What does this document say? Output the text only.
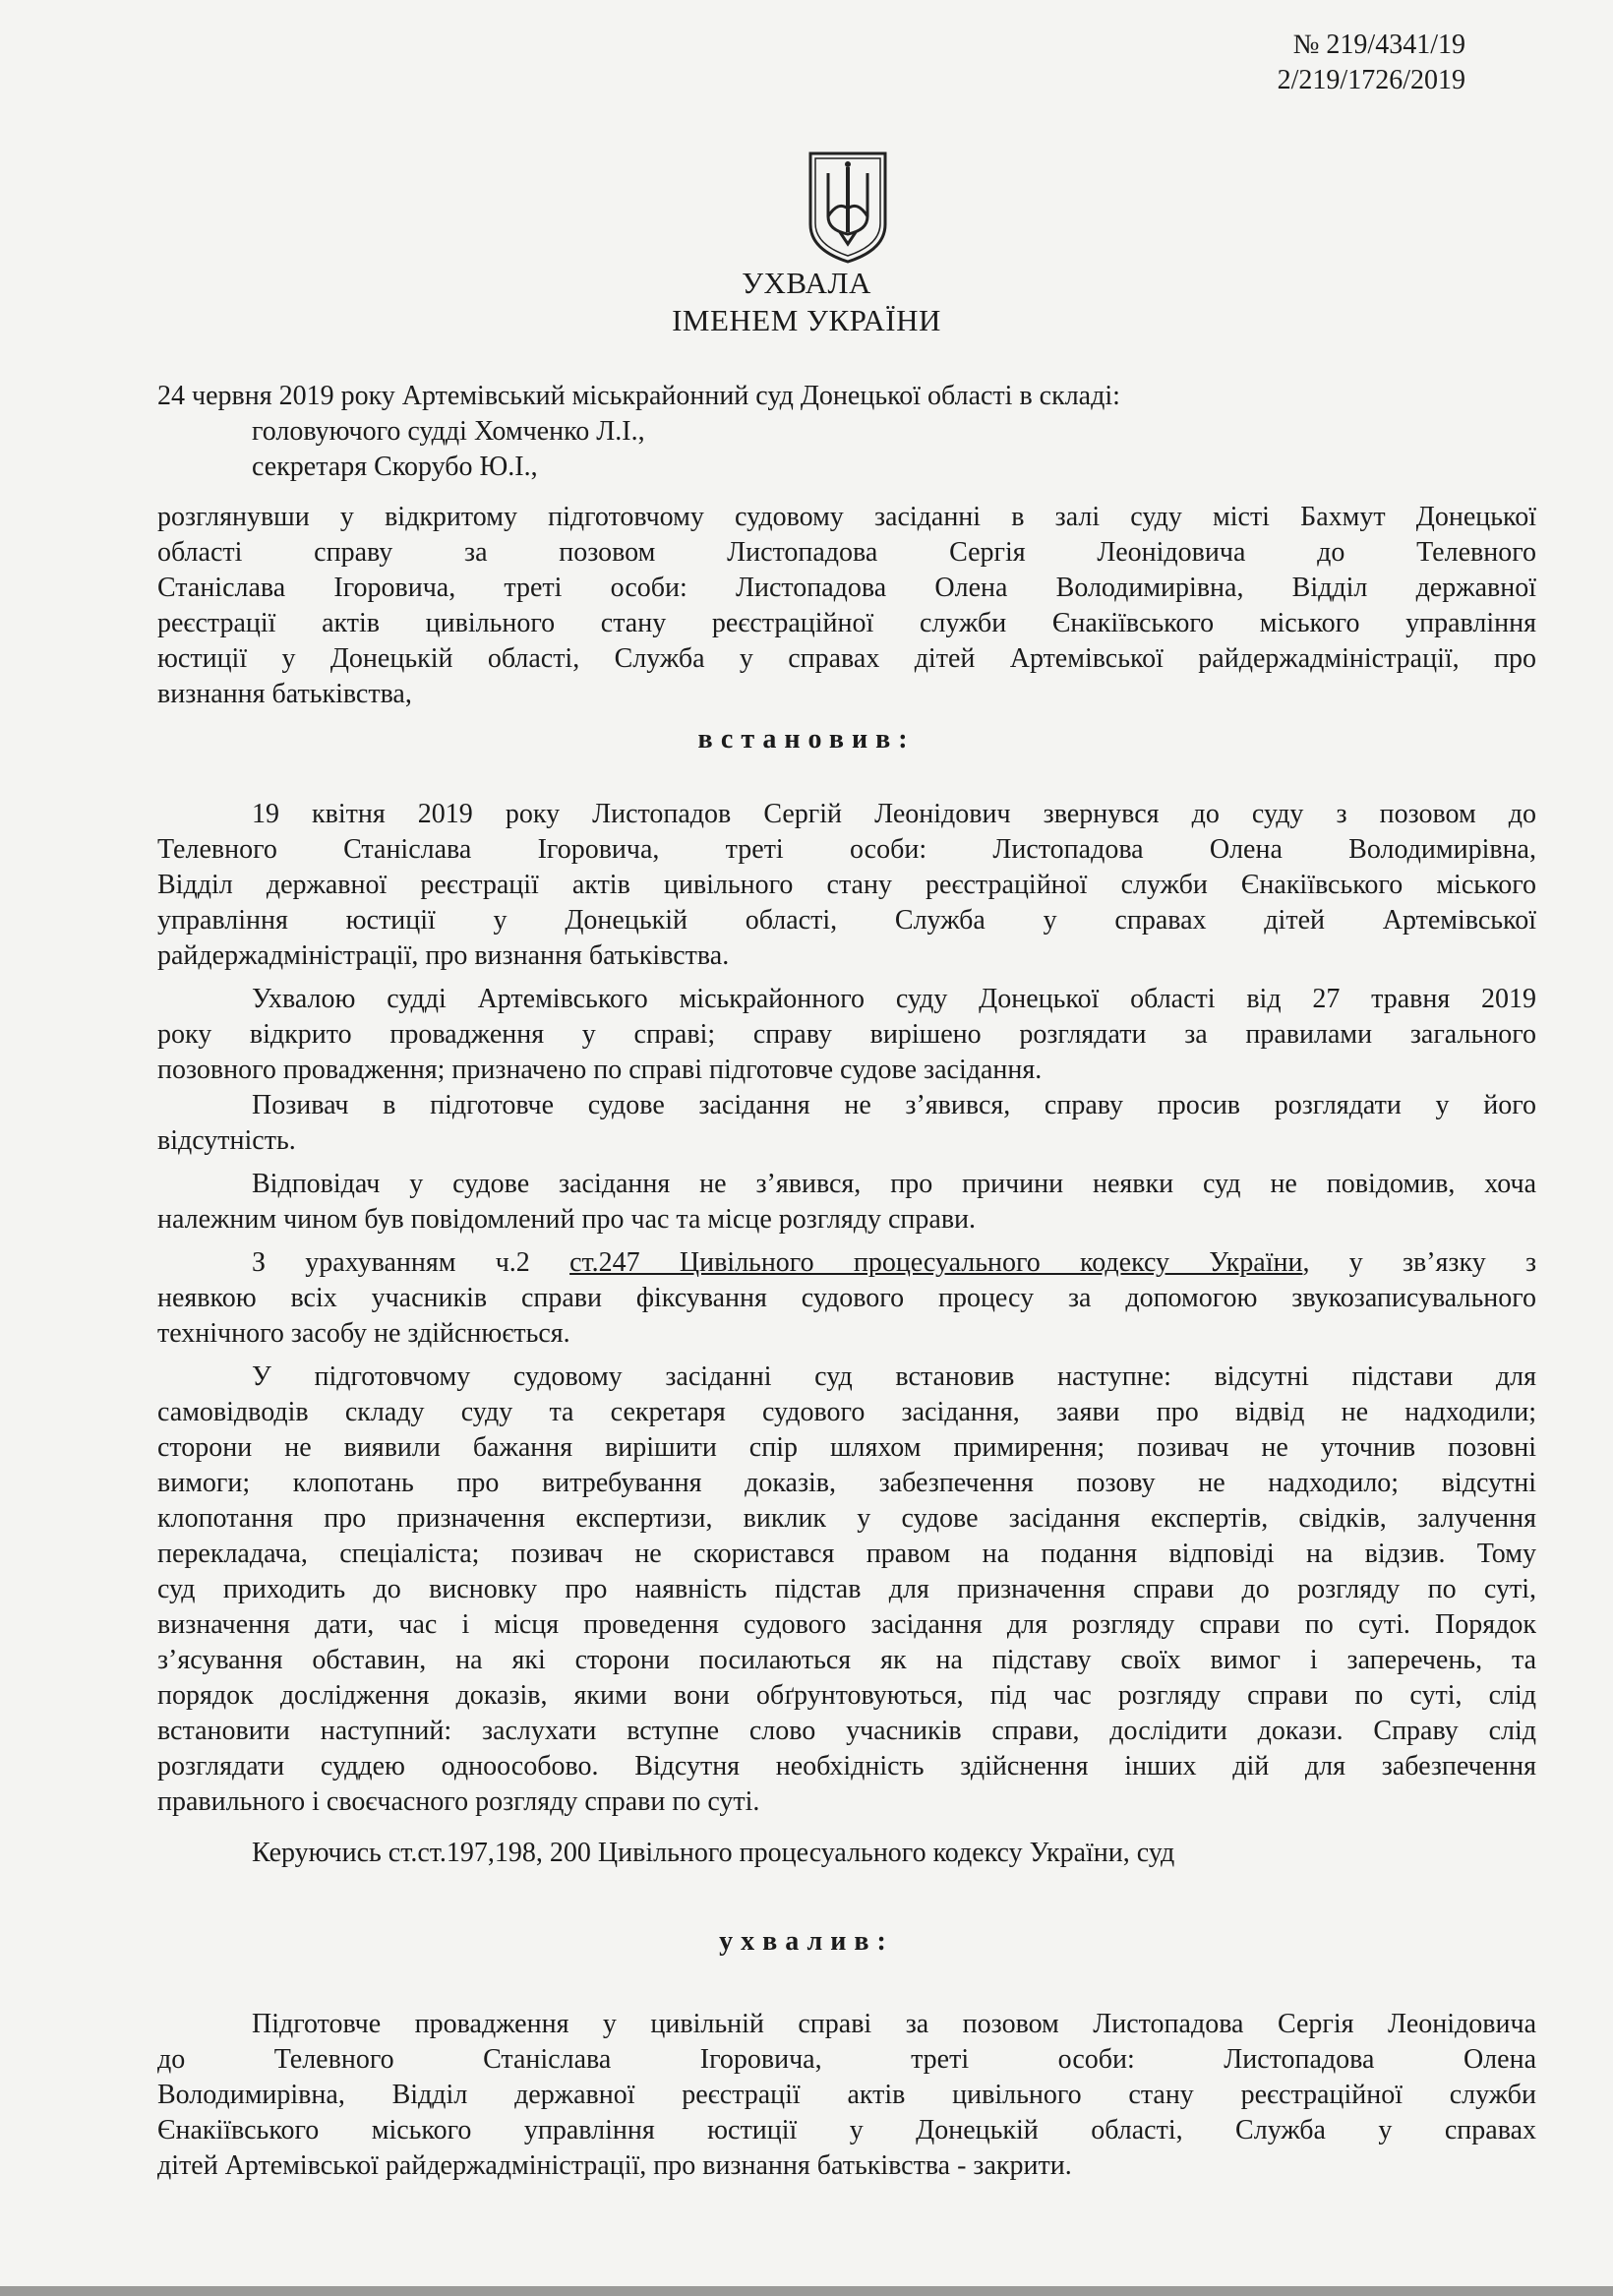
№ 219/4341/19
2/219/1726/2019
УХВАЛА
ІМЕНЕМ УКРАЇНИ
24 червня 2019 року Артемівський міськрайонний суд Донецької області в складі:
головуючого судді Хомченко Л.І.,
секретаря Скорубо Ю.І.,
розглянувши у відкритому підготовчому судовому засіданні в залі суду місті Бахмут Донецької
області справу за позовом Листопадова Сергія Леонідовича до Телевного
Станіслава Ігоровича, треті особи: Листопадова Олена Володимирівна, Відділ державної
реєстрації актів цивільного стану реєстраційної служби Єнакіївського міського управління
юстиції у Донецькій області, Служба у справах дітей Артемівської райдержадміністрації, про
визнання батьківства,
встановив:
19 квітня 2019 року Листопадов Сергій Леонідович звернувся до суду з позовом до
Телевного Станіслава Ігоровича, треті особи: Листопадова Олена Володимирівна,
Відділ державної реєстрації актів цивільного стану реєстраційної служби Єнакіївського міського
управління юстиції у Донецькій області, Служба у справах дітей Артемівської
райдержадміністрації, про визнання батьківства.
Ухвалою судді Артемівського міськрайонного суду Донецької області від 27 травня 2019
року відкрито провадження у справі; справу вирішено розглядати за правилами загального
позовного провадження; призначено по справі підготовче судове засідання.
Позивач в підготовче судове засідання не з’явився, справу просив розглядати у його
відсутність.
Відповідач у судове засідання не з’явився, про причини неявки суд не повідомив, хоча
належним чином був повідомлений про час та місце розгляду справи.
З урахуванням ч.2 ст.247 Цивільного процесуального кодексу України, у зв’язку з
неявкою всіх учасників справи фіксування судового процесу за допомогою звукозаписувального
технічного засобу не здійснюється.
У підготовчому судовому засіданні суд встановив наступне: відсутні підстави для
самовідводів складу суду та секретаря судового засідання, заяви про відвід не надходили;
сторони не виявили бажання вирішити спір шляхом примирення; позивач не уточнив позовні
вимоги; клопотань про витребування доказів, забезпечення позову не надходило; відсутні
клопотання про призначення експертизи, виклик у судове засідання експертів, свідків, залучення
перекладача, спеціаліста; позивач не скористався правом на подання відповіді на відзив. Тому
суд приходить до висновку про наявність підстав для призначення справи до розгляду по суті,
визначення дати, час і місця проведення судового засідання для розгляду справи по суті. Порядок
з’ясування обставин, на які сторони посилаються як на підставу своїх вимог і заперечень, та
порядок дослідження доказів, якими вони обґрунтовуються, під час розгляду справи по суті, слід
встановити наступний: заслухати вступне слово учасників справи, дослідити докази. Справу слід
розглядати суддею одноособово. Відсутня необхідність здійснення інших дій для забезпечення
правильного і своєчасного розгляду справи по суті.
Керуючись ст.ст.197,198, 200 Цивільного процесуального кодексу України, суд
ухвалив:
Підготовче провадження у цивільній справі за позовом Листопадова Сергія Леонідовича
до Телевного Станіслава Ігоровича, треті особи: Листопадова Олена
Володимирівна, Відділ державної реєстрації актів цивільного стану реєстраційної служби
Єнакіївського міського управління юстиції у Донецькій області, Служба у справах
дітей Артемівської райдержадміністрації, про визнання батьківства - закрити.
